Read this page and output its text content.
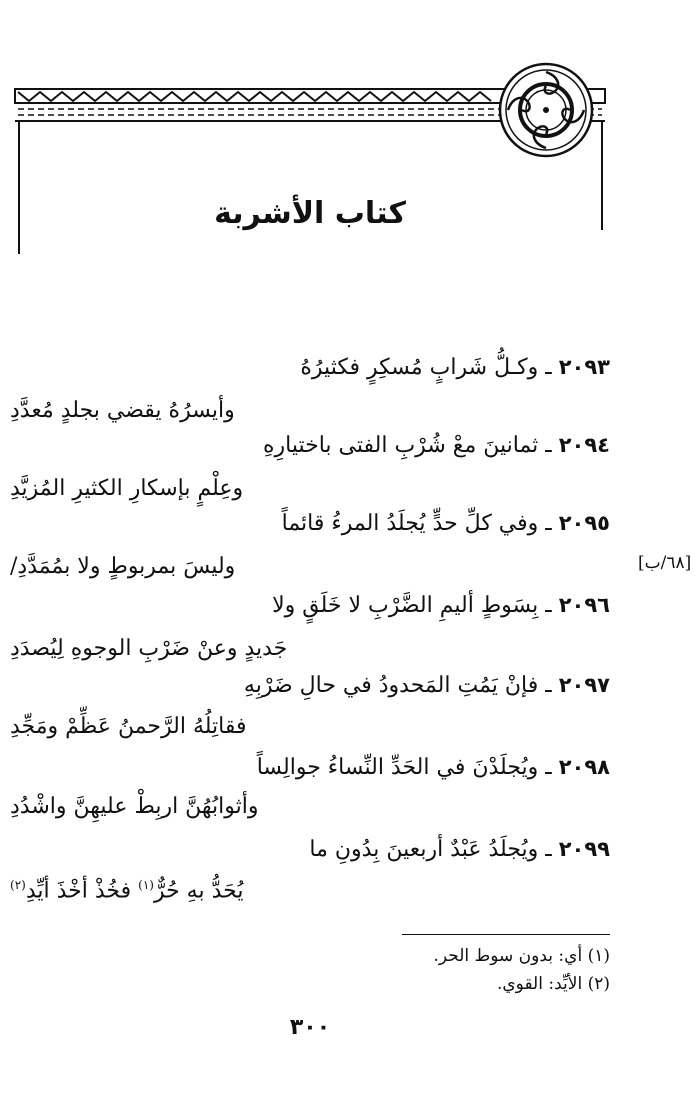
كتاب الأشربة
٢٠٩٣ ـ وكـلُّ شَرابٍ مُسكِرٍ فكثيرُهُ
وأيسرُهُ يقضي بجلدٍ مُعدَّدِ
٢٠٩٤ ـ ثمانينَ معْ شُرْبِ الفتى باختيارِهِ
وعِلْمٍ بإسكارِ الكثيرِ المُزيَّدِ
٢٠٩٥ ـ وفي كلِّ حدٍّ يُجلَدُ المرءُ قائماً
وليسَ بمربوطٍ ولا بمُمَدَّدِ/	[٦٨/ب]
٢٠٩٦ ـ بِسَوطٍ أليمِ الضَّرْبِ لا خَلَقٍ ولا
جَديدٍ وعنْ ضَرْبِ الوجوهِ لِيُصدَدِ
٢٠٩٧ ـ فإنْ يَمُتِ المَحدودُ في حالِ ضَرْبِهِ
فقاتِلُهُ الرَّحمنُ عَظِّمْ ومَجِّدِ
٢٠٩٨ ـ ويُجلَدْنَ في الحَدِّ النِّساءُ جوالِساً
وأثوابُهُنَّ اربِطْ عليهِنَّ واشْدُدِ
٢٠٩٩ ـ ويُجلَدُ عَبْدٌ أربعينَ بِدُونِ ما
يُحَدُّ بهِ حُرٌّ$^{(١)}$ فخُذْ أخْذَ أيِّدِ$^{(٢)}$
(١) أي: بدون سوط الحر.
(٢) الأيِّد: القوي.
٣٠٠
